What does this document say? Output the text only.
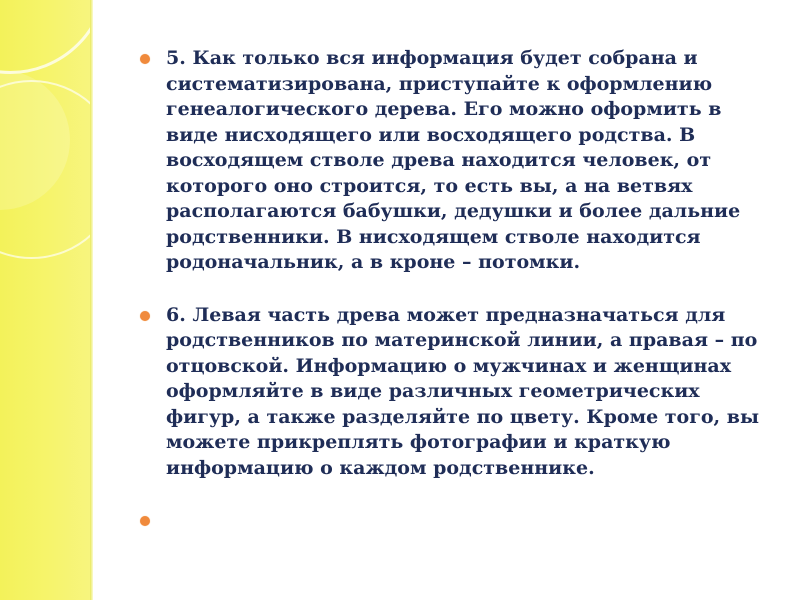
5. Как только вся информация будет собрана и систематизирована, приступайте к оформлению генеалогического дерева. Его можно оформить в виде нисходящего или восходящего родства. В восходящем стволе древа находится человек, от которого оно строится, то есть вы, а на ветвях располагаются бабушки, дедушки и более дальние родственники. В нисходящем стволе находится родоначальник, а в кроне – потомки.

6. Левая часть древа может предназначаться для родственников по материнской линии, а правая – по отцовской. Информацию о мужчинах и женщинах оформляйте в виде различных геометрических фигур, а также разделяйте по цвету. Кроме того, вы можете прикреплять фотографии и краткую информацию о каждом родственнике.
